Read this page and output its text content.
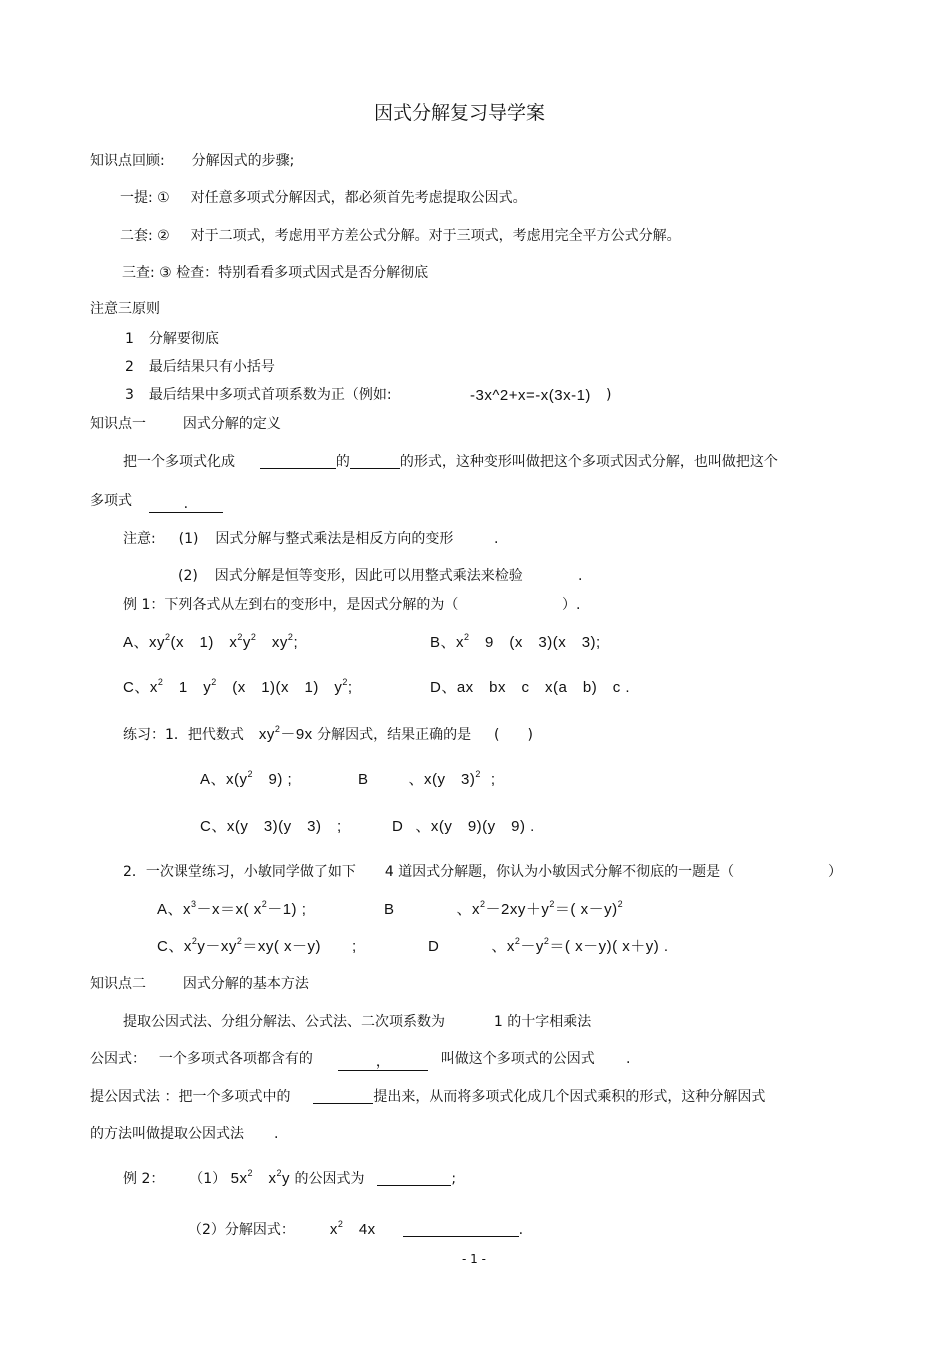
因式分解复习导学案
知识点回顾: 分解因式的步骤;
一提: ① 对任意多项式分解因式，都必须首先考虑提取公因式。
二套: ② 对于二项式，考虑用平方差公式分解。对于三项式，考虑用完全平方公式分解。
三查: ③ 检查：特别看看多项式因式是否分解彻底
注意三原则
1 分解要彻底
2 最后结果只有小括号
3 最后结果中多项式首项系数为正（例如:	-3x^2+x=-x(3x-1) )
知识点一	因式分解的定义
把一个多项式化成	的	的形式，这种变形叫做把这个多项式因式分解，也叫做把这个
多项式	.
注意: (1) 因式分解与整式乘法是相反方向的变形	.
(2) 因式分解是恒等变形，因此可以用整式乘法来检验	.
例 1：下列各式从左到右的变形中，是因式分解的为（	）.
A、$xy^2(x$　1)　$x^2y^2$　$xy^2$;	B、$x^2$　9　(x　3)(x　3);
C、$x^2$　1　$y^2$　(x　1)(x　1)　$y^2$;	D、ax　bx　c　x(a　b)　c .
练习：1．把代数式 $xy^2-9x$ 分解因式，结果正确的是 (　　)
A、$x(y^2$　9) ;	B	、x(y　3)$^2$ ;
C、x(y　3)(y　3)　;	D 、x(y　9)(y　9) .
2．一次课堂练习，小敏同学做了如下 4 道因式分解题，你认为小敏因式分解不彻底的一题是（	）
A、$x^3-x=x$( $x^2-1$) ;	B	、$x^2-2xy+y^2=$( x－y)$^2$
C、$x^2y-xy^2=xy$( x－y)　　;	D	、$x^2-y^2=$( x－y)( x＋y) .
知识点二	因式分解的基本方法
提取公因式法、分组分解法、公式法、二次项系数为	1 的十字相乘法
公因式： 一个多项式各项都含有的	，	叫做这个多项式的公因式 .
提公因式法 ：把一个多项式中的	提出来，从而将多项式化成几个因式乘积的形式，这种分解因式
的方法叫做提取公因式法 .
例 2： （1） $5x^2$　$x^2y$ 的公因式为	;
（2）分解因式： $x^2$　4x	.
- 1 -
